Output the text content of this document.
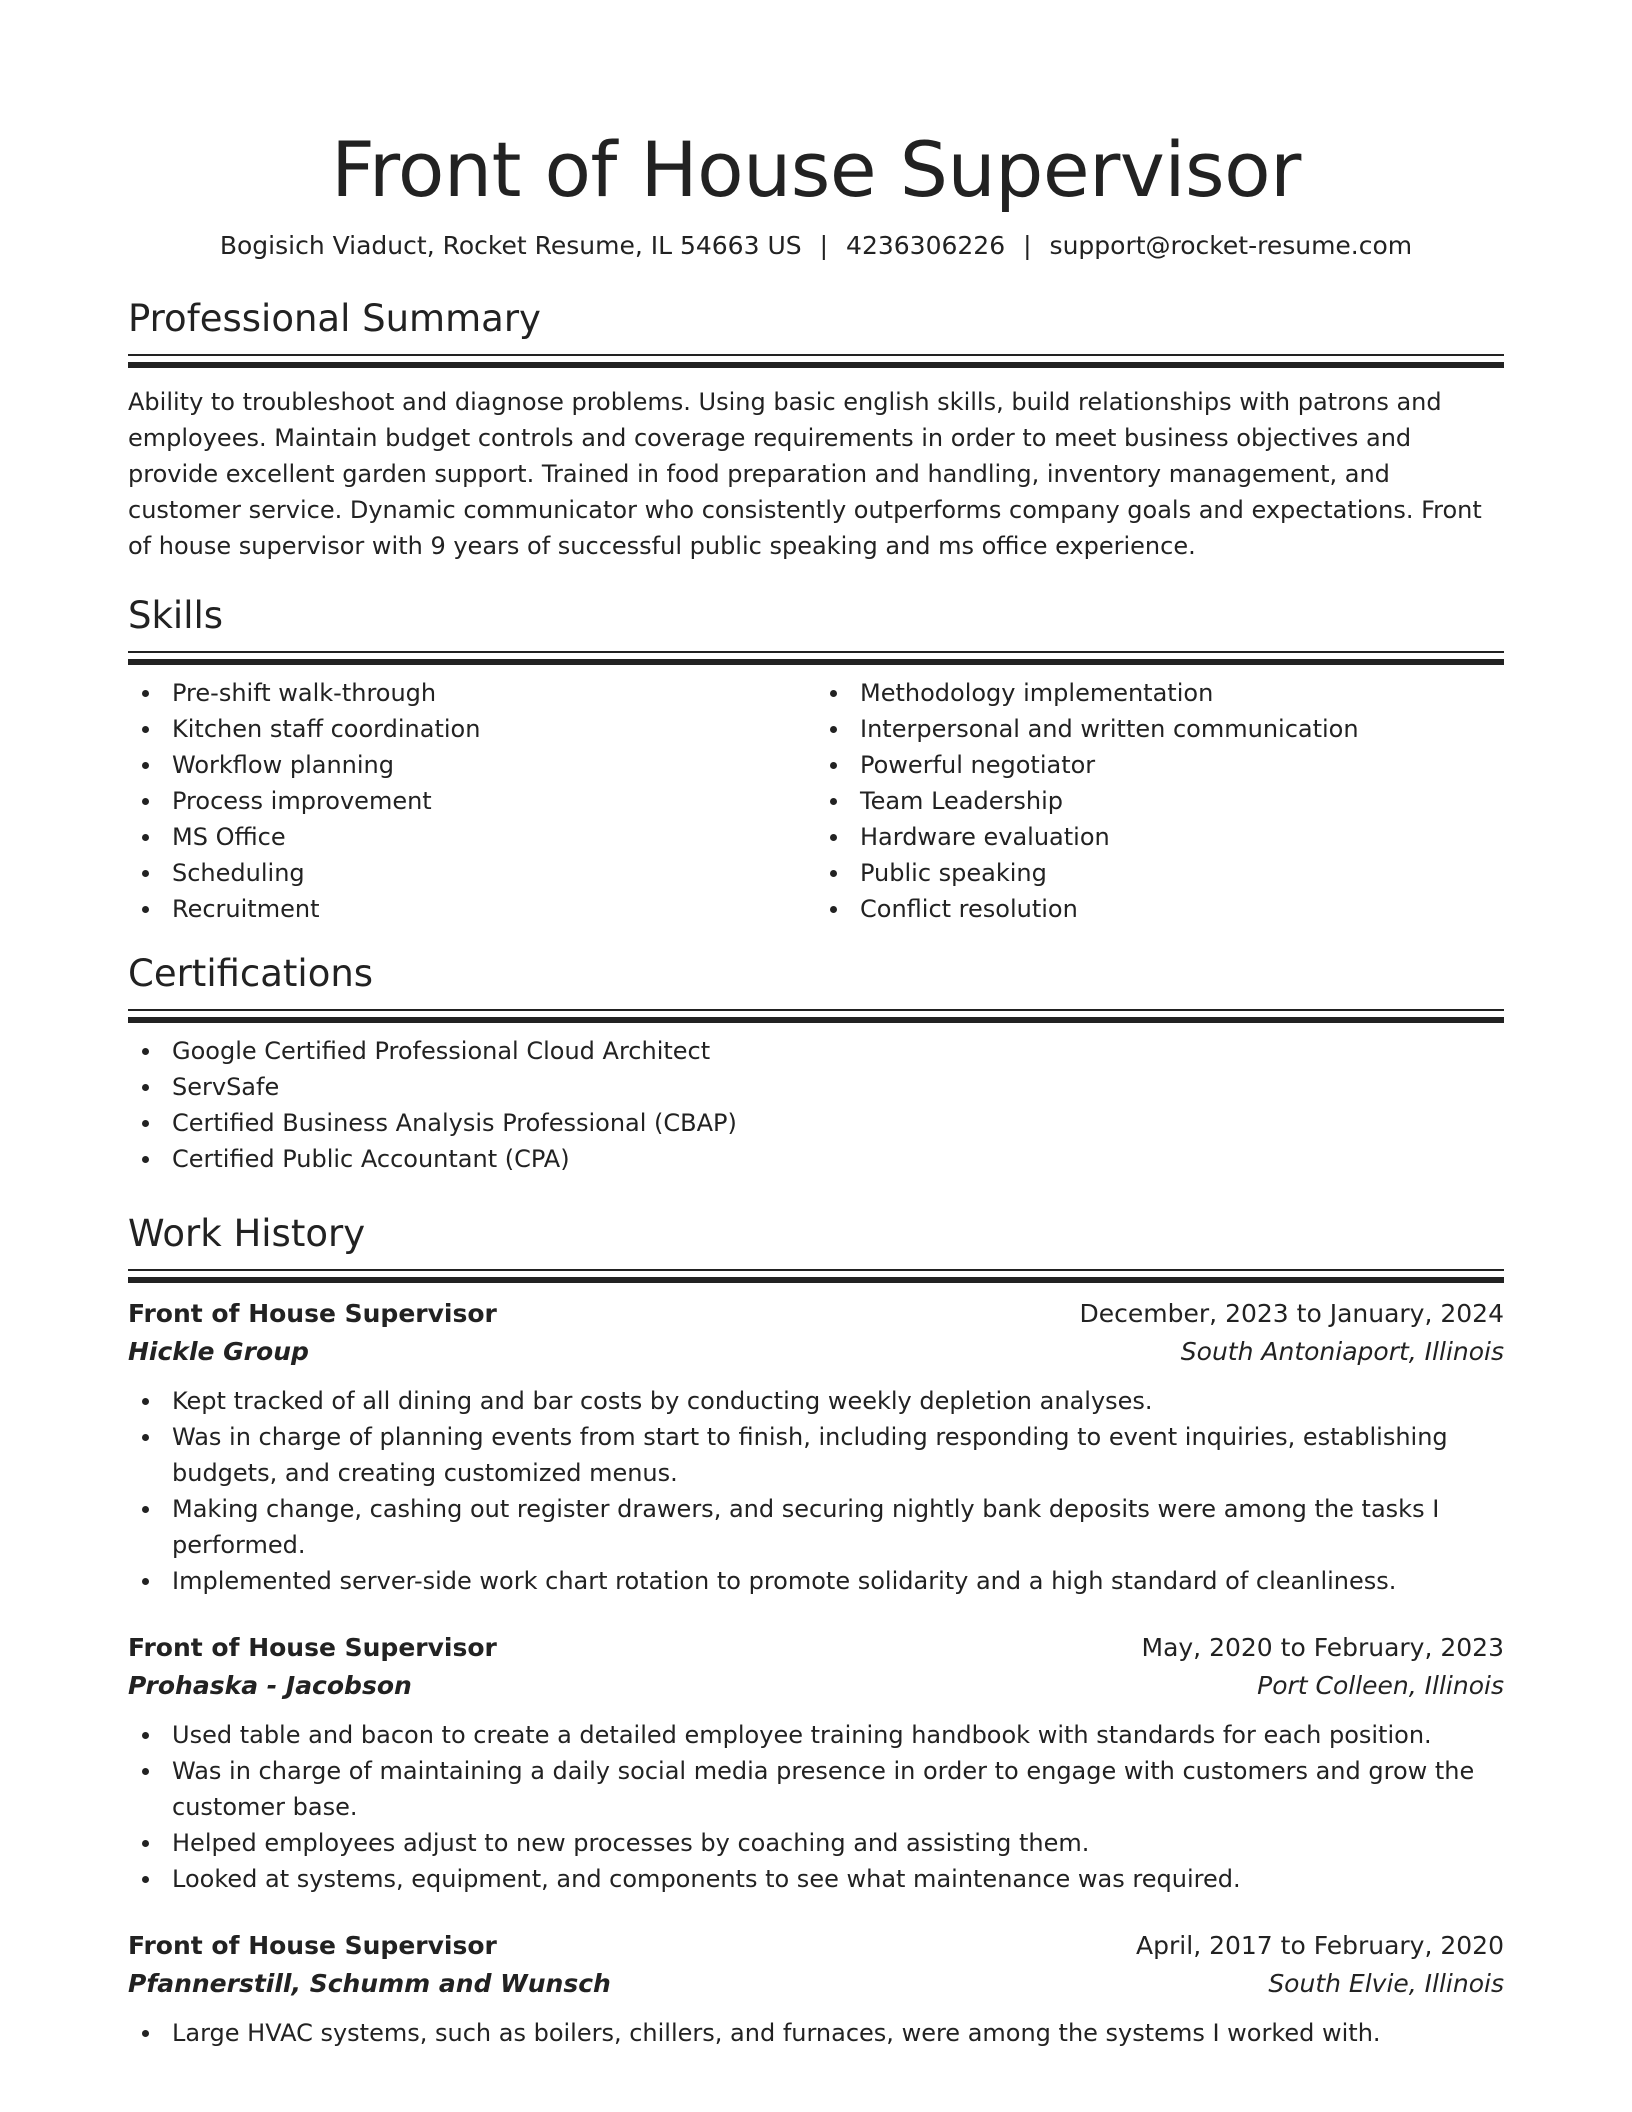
Front of House Supervisor
Bogisich Viaduct, Rocket Resume, IL 54663 US | 4236306226 | support@rocket-resume.com
Professional Summary

Ability to troubleshoot and diagnose problems. Using basic english skills, build relationships with patrons and employees. Maintain budget controls and coverage requirements in order to meet business objectives and provide excellent garden support. Trained in food preparation and handling, inventory management, and customer service. Dynamic communicator who consistently outperforms company goals and expectations. Front of house supervisor with 9 years of successful public speaking and ms office experience.

Skills
Pre-shift walk-through
Kitchen staff coordination
Workflow planning
Process improvement
MS Office
Scheduling
Recruitment
Methodology implementation
Interpersonal and written communication
Powerful negotiator
Team Leadership
Hardware evaluation
Public speaking
Conflict resolution
Certifications
Google Certified Professional Cloud Architect
ServSafe
Certified Business Analysis Professional (CBAP)
Certified Public Accountant (CPA)
Work History
Front of House Supervisor	December, 2023 to January, 2024
Hickle Group	South Antoniaport, Illinois
Kept tracked of all dining and bar costs by conducting weekly depletion analyses.
Was in charge of planning events from start to finish, including responding to event inquiries, establishing budgets, and creating customized menus.
Making change, cashing out register drawers, and securing nightly bank deposits were among the tasks I performed.
Implemented server-side work chart rotation to promote solidarity and a high standard of cleanliness.
Front of House Supervisor	May, 2020 to February, 2023
Prohaska - Jacobson	Port Colleen, Illinois
Used table and bacon to create a detailed employee training handbook with standards for each position.
Was in charge of maintaining a daily social media presence in order to engage with customers and grow the customer base.
Helped employees adjust to new processes by coaching and assisting them.
Looked at systems, equipment, and components to see what maintenance was required.
Front of House Supervisor	April, 2017 to February, 2020
Pfannerstill, Schumm and Wunsch	South Elvie, Illinois
Large HVAC systems, such as boilers, chillers, and furnaces, were among the systems I worked with.
